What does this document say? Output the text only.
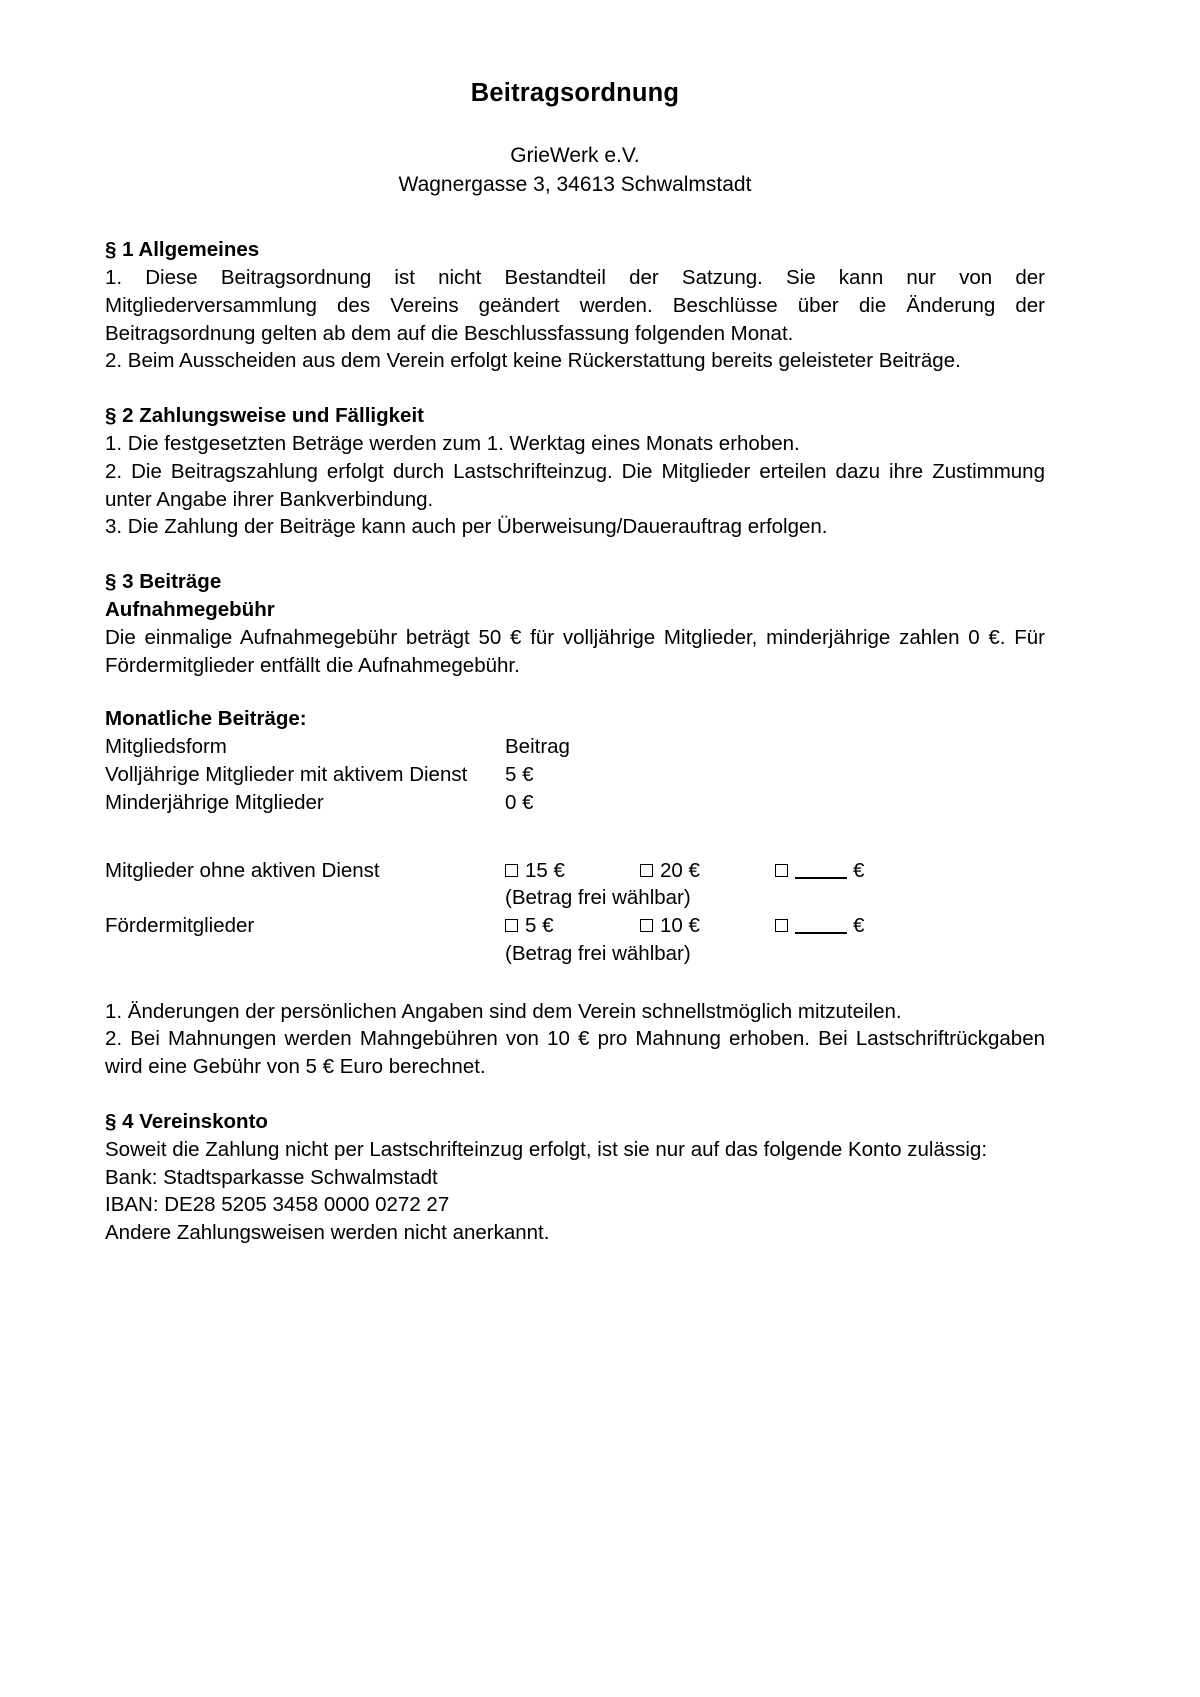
Beitragsordnung
GrieWerk e.V.
Wagnergasse 3, 34613 Schwalmstadt
§ 1 Allgemeines

1. Diese Beitragsordnung ist nicht Bestandteil der Satzung. Sie kann nur von der Mitgliederversammlung des Vereins geändert werden. Beschlüsse über die Änderung der Beitragsordnung gelten ab dem auf die Beschlussfassung folgenden Monat.

2. Beim Ausscheiden aus dem Verein erfolgt keine Rückerstattung bereits geleisteter Beiträge.

§ 2 Zahlungsweise und Fälligkeit

1. Die festgesetzten Beträge werden zum 1. Werktag eines Monats erhoben.

2. Die Beitragszahlung erfolgt durch Lastschrifteinzug. Die Mitglieder erteilen dazu ihre Zustimmung unter Angabe ihrer Bankverbindung.

3. Die Zahlung der Beiträge kann auch per Überweisung/Dauerauftrag erfolgen.

§ 3 Beiträge
Aufnahmegebühr

Die einmalige Aufnahmegebühr beträgt 50 € für volljährige Mitglieder, minderjährige zahlen 0 €. Für Fördermitglieder entfällt die Aufnahmegebühr.

Monatliche Beiträge:
Mitgliedsform	Beitrag		
Volljährige Mitglieder mit aktivem Dienst	5 €		
Minderjährige Mitglieder	0 €		

Mitglieder ohne aktiven Dienst	15 €	20 €	€
	(Betrag frei wählbar)		
Fördermitglieder	5 €	10 €	€
	(Betrag frei wählbar)		

1. Änderungen der persönlichen Angaben sind dem Verein schnellstmöglich mitzuteilen.

2. Bei Mahnungen werden Mahngebühren von 10 € pro Mahnung erhoben. Bei Lastschriftrückgaben wird eine Gebühr von 5 € Euro berechnet.

§ 4 Vereinskonto

Soweit die Zahlung nicht per Lastschrifteinzug erfolgt, ist sie nur auf das folgende Konto zulässig:

Bank: Stadtsparkasse Schwalmstadt
IBAN: DE28 5205 3458 0000 0272 27
Andere Zahlungsweisen werden nicht anerkannt.
